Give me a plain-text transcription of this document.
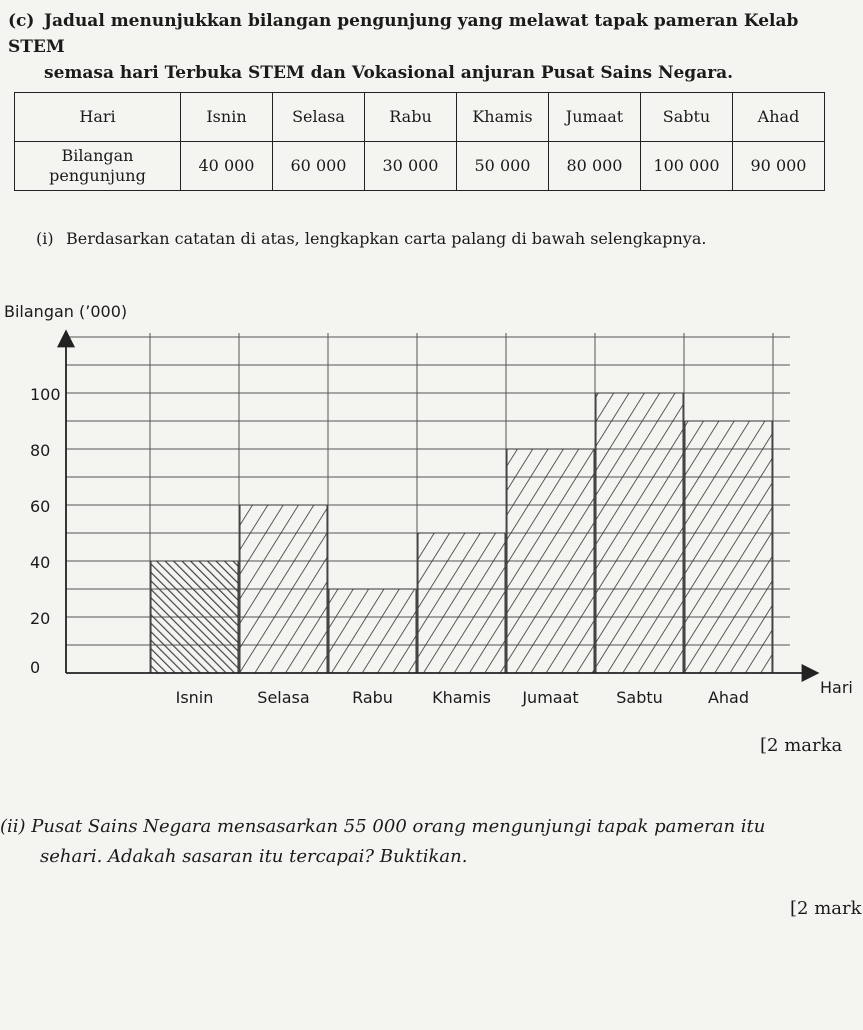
(c) Jadual menunjukkan bilangan pengunjung yang melawat tapak pameran Kelab STEM
semasa hari Terbuka STEM dan Vokasional anjuran Pusat Sains Negara.
Hari	Isnin	Selasa	Rabu	Khamis	Jumaat	Sabtu	Ahad

Bilangan
pengunjung	40 000	60 000	30 000	50 000	80 000	100 000	90 000
(i) Berdasarkan catatan di atas, lengkapkan carta palang di bawah selengkapnya.
0
20
40
60
80
100
Isnin	Selasa	Rabu Khamis Jumaat Sabtu	Ahad
Bilangan (’000)
Hari
[2 marka
(ii) Pusat Sains Negara mensasarkan 55 000 orang mengunjungi tapak pameran itu
sehari. Adakah sasaran itu tercapai? Buktikan.
[2 mark
